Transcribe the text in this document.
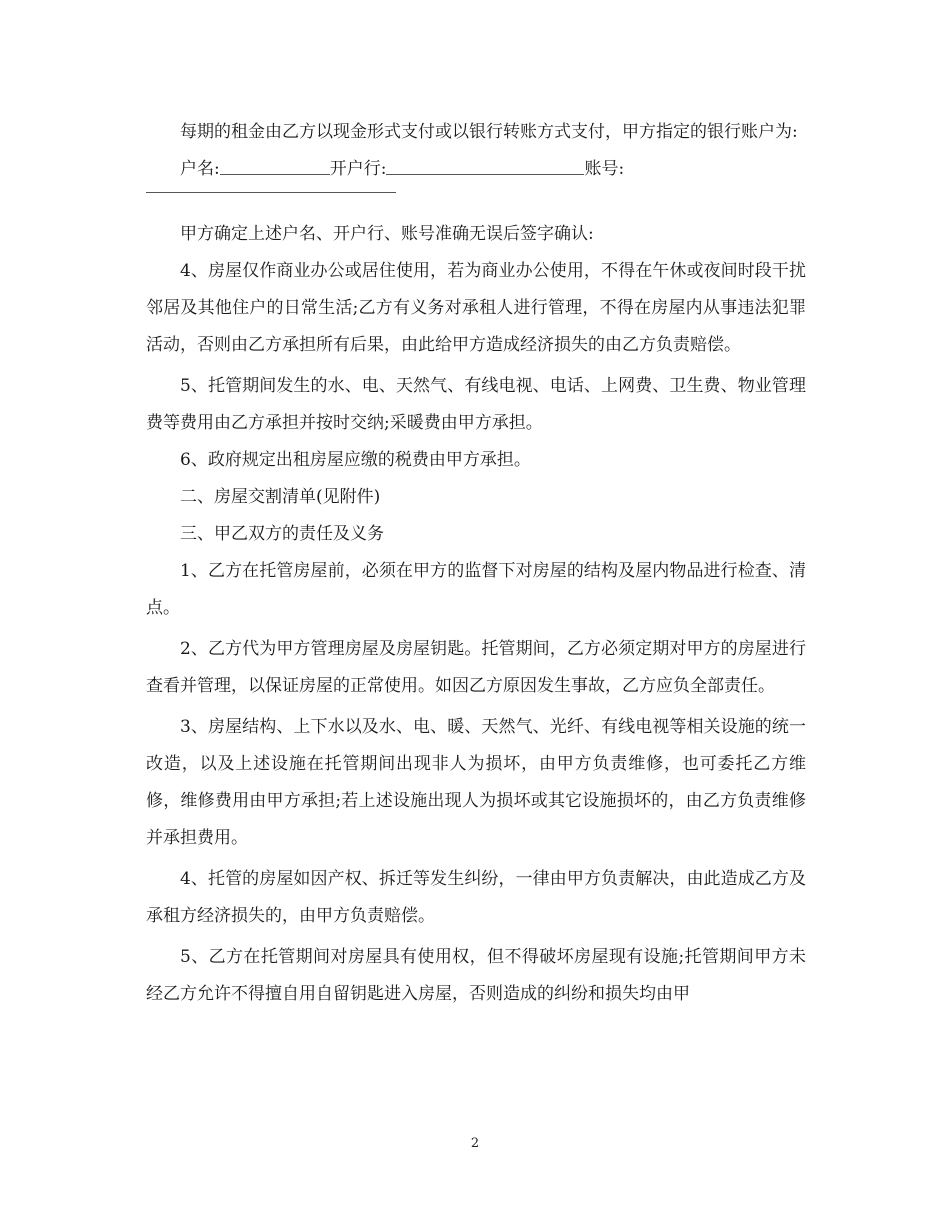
每期的租金由乙方以现金形式支付或以银行转账方式支付，甲方指定的银行账户为:

户名:	开户行:	账号:

甲方确定上述户名、开户行、账号准确无误后签字确认:

4、房屋仅作商业办公或居住使用，若为商业办公使用，不得在午休或夜间时段干扰邻居及其他住户的日常生活;乙方有义务对承租人进行管理，不得在房屋内从事违法犯罪活动，否则由乙方承担所有后果，由此给甲方造成经济损失的由乙方负责赔偿。

5、托管期间发生的水、电、天然气、有线电视、电话、上网费、卫生费、物业管理费等费用由乙方承担并按时交纳;采暖费由甲方承担。

6、政府规定出租房屋应缴的税费由甲方承担。

二、房屋交割清单(见附件)

三、甲乙双方的责任及义务

1、乙方在托管房屋前，必须在甲方的监督下对房屋的结构及屋内物品进行检查、清点。

2、乙方代为甲方管理房屋及房屋钥匙。托管期间，乙方必须定期对甲方的房屋进行查看并管理，以保证房屋的正常使用。如因乙方原因发生事故，乙方应负全部责任。

3、房屋结构、上下水以及水、电、暖、天然气、光纤、有线电视等相关设施的统一改造，以及上述设施在托管期间出现非人为损坏，由甲方负责维修，也可委托乙方维修，维修费用由甲方承担;若上述设施出现人为损坏或其它设施损坏的，由乙方负责维修并承担费用。

4、托管的房屋如因产权、拆迁等发生纠纷，一律由甲方负责解决，由此造成乙方及承租方经济损失的，由甲方负责赔偿。

5、乙方在托管期间对房屋具有使用权，但不得破坏房屋现有设施;托管期间甲方未经乙方允许不得擅自用自留钥匙进入房屋，否则造成的纠纷和损失均由甲

2
